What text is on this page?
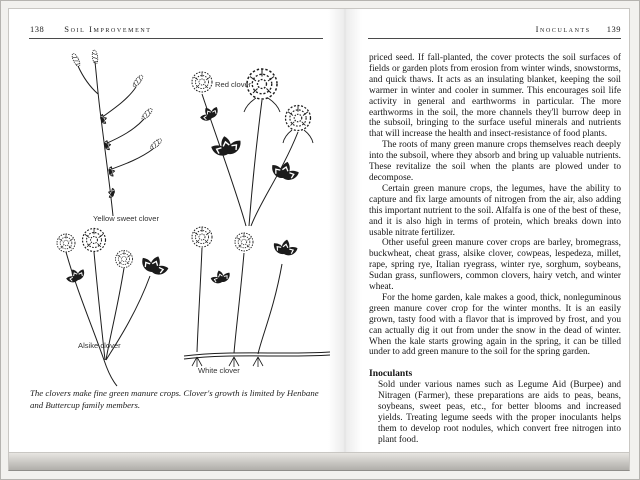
138 Soil Improvement	Inoculants 139
Red clover
Yellow sweet clover
Alsike clover
White clover
The clovers make fine green manure crops. Clover's growth is limited by Henbane and Buttercup family members.

priced seed. If fall-planted, the cover protects the soil surfaces of fields or garden plots from erosion from winter winds, snowstorms, and quick thaws. It acts as an insulating blanket, keeping the soil warmer in winter and cooler in summer. This encourages soil life activity in general and earthworms in particular. The more earthworms in the soil, the more channels they'll burrow deep in the subsoil, bringing to the surface useful minerals and nutrients that will increase the health and insect-resistance of food plants.

The roots of many green manure crops themselves reach deeply into the subsoil, where they absorb and bring up valuable nutrients. These revitalize the soil when the plants are plowed under to decompose.

Certain green manure crops, the legumes, have the ability to capture and fix large amounts of nitrogen from the air, also adding this important nutrient to the soil. Alfalfa is one of the best of these, and it is also high in terms of protein, which breaks down into usable nitrate fertilizer.

Other useful green manure cover crops are barley, bromegrass, buckwheat, cheat grass, alsike clover, cowpeas, lespedeza, millet, rape, spring rye, Italian ryegrass, winter rye, sorghum, soybeans, Sudan grass, sunflowers, common clovers, hairy vetch, and winter wheat.

For the home garden, kale makes a good, thick, nonleguminous green manure cover crop for the winter months. It is an easily grown, tasty food with a flavor that is improved by frost, and you can actually dig it out from under the snow in the dead of winter. When the kale starts growing again in the spring, it can be tilled under to add green manure to the soil for the spring garden.

Inoculants

Sold under various names such as Legume Aid (Burpee) and Nitragen (Farmer), these preparations are aids to peas, beans, soybeans, sweet peas, etc., for better blooms and increased yields. Treating legume seeds with the proper inoculants helps them to develop root nodules, which convert free nitrogen into plant food.
